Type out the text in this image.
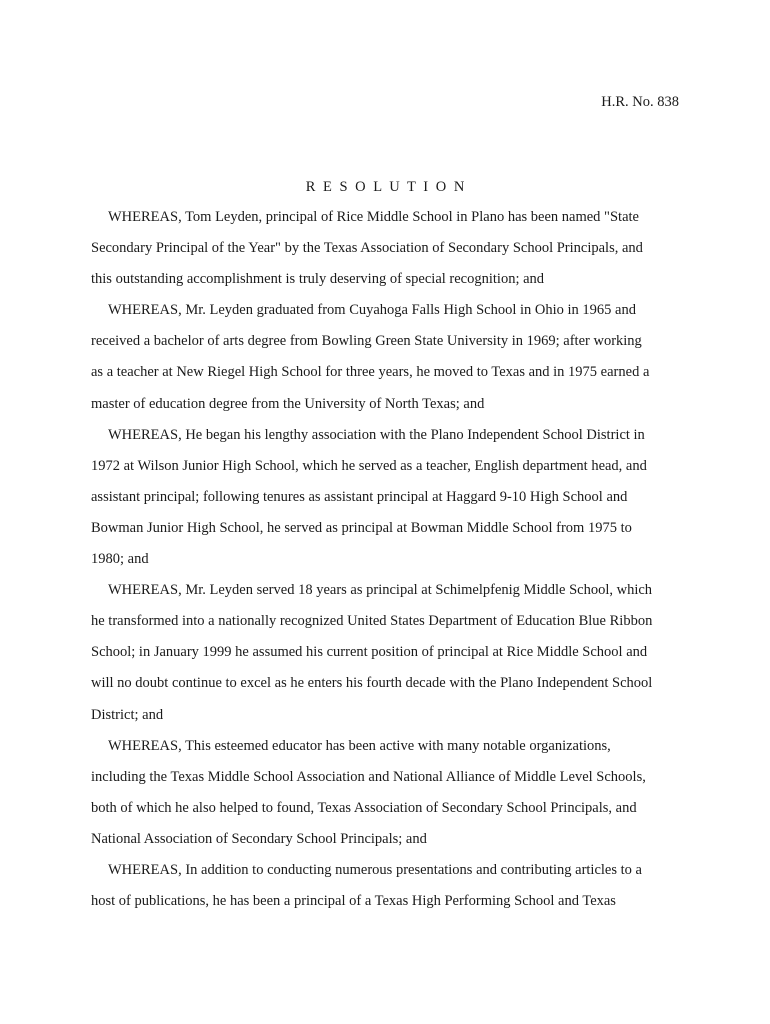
H.R. No. 838
R E S O L U T I O N
WHEREAS, Tom Leyden, principal of Rice Middle School in Plano has been named "State
Secondary Principal of the Year" by the Texas Association of Secondary School Principals, and
this outstanding accomplishment is truly deserving of special recognition; and
WHEREAS, Mr. Leyden graduated from Cuyahoga Falls High School in Ohio in 1965 and
received a bachelor of arts degree from Bowling Green State University in 1969; after working
as a teacher at New Riegel High School for three years, he moved to Texas and in 1975 earned a
master of education degree from the University of North Texas; and
WHEREAS, He began his lengthy association with the Plano Independent School District in
1972 at Wilson Junior High School, which he served as a teacher, English department head, and
assistant principal; following tenures as assistant principal at Haggard 9-10 High School and
Bowman Junior High School, he served as principal at Bowman Middle School from 1975 to
1980; and
WHEREAS, Mr. Leyden served 18 years as principal at Schimelpfenig Middle School, which
he transformed into a nationally recognized United States Department of Education Blue Ribbon
School; in January 1999 he assumed his current position of principal at Rice Middle School and
will no doubt continue to excel as he enters his fourth decade with the Plano Independent School
District; and
WHEREAS, This esteemed educator has been active with many notable organizations,
including the Texas Middle School Association and National Alliance of Middle Level Schools,
both of which he also helped to found, Texas Association of Secondary School Principals, and
National Association of Secondary School Principals; and
WHEREAS, In addition to conducting numerous presentations and contributing articles to a
host of publications, he has been a principal of a Texas High Performing School and Texas
